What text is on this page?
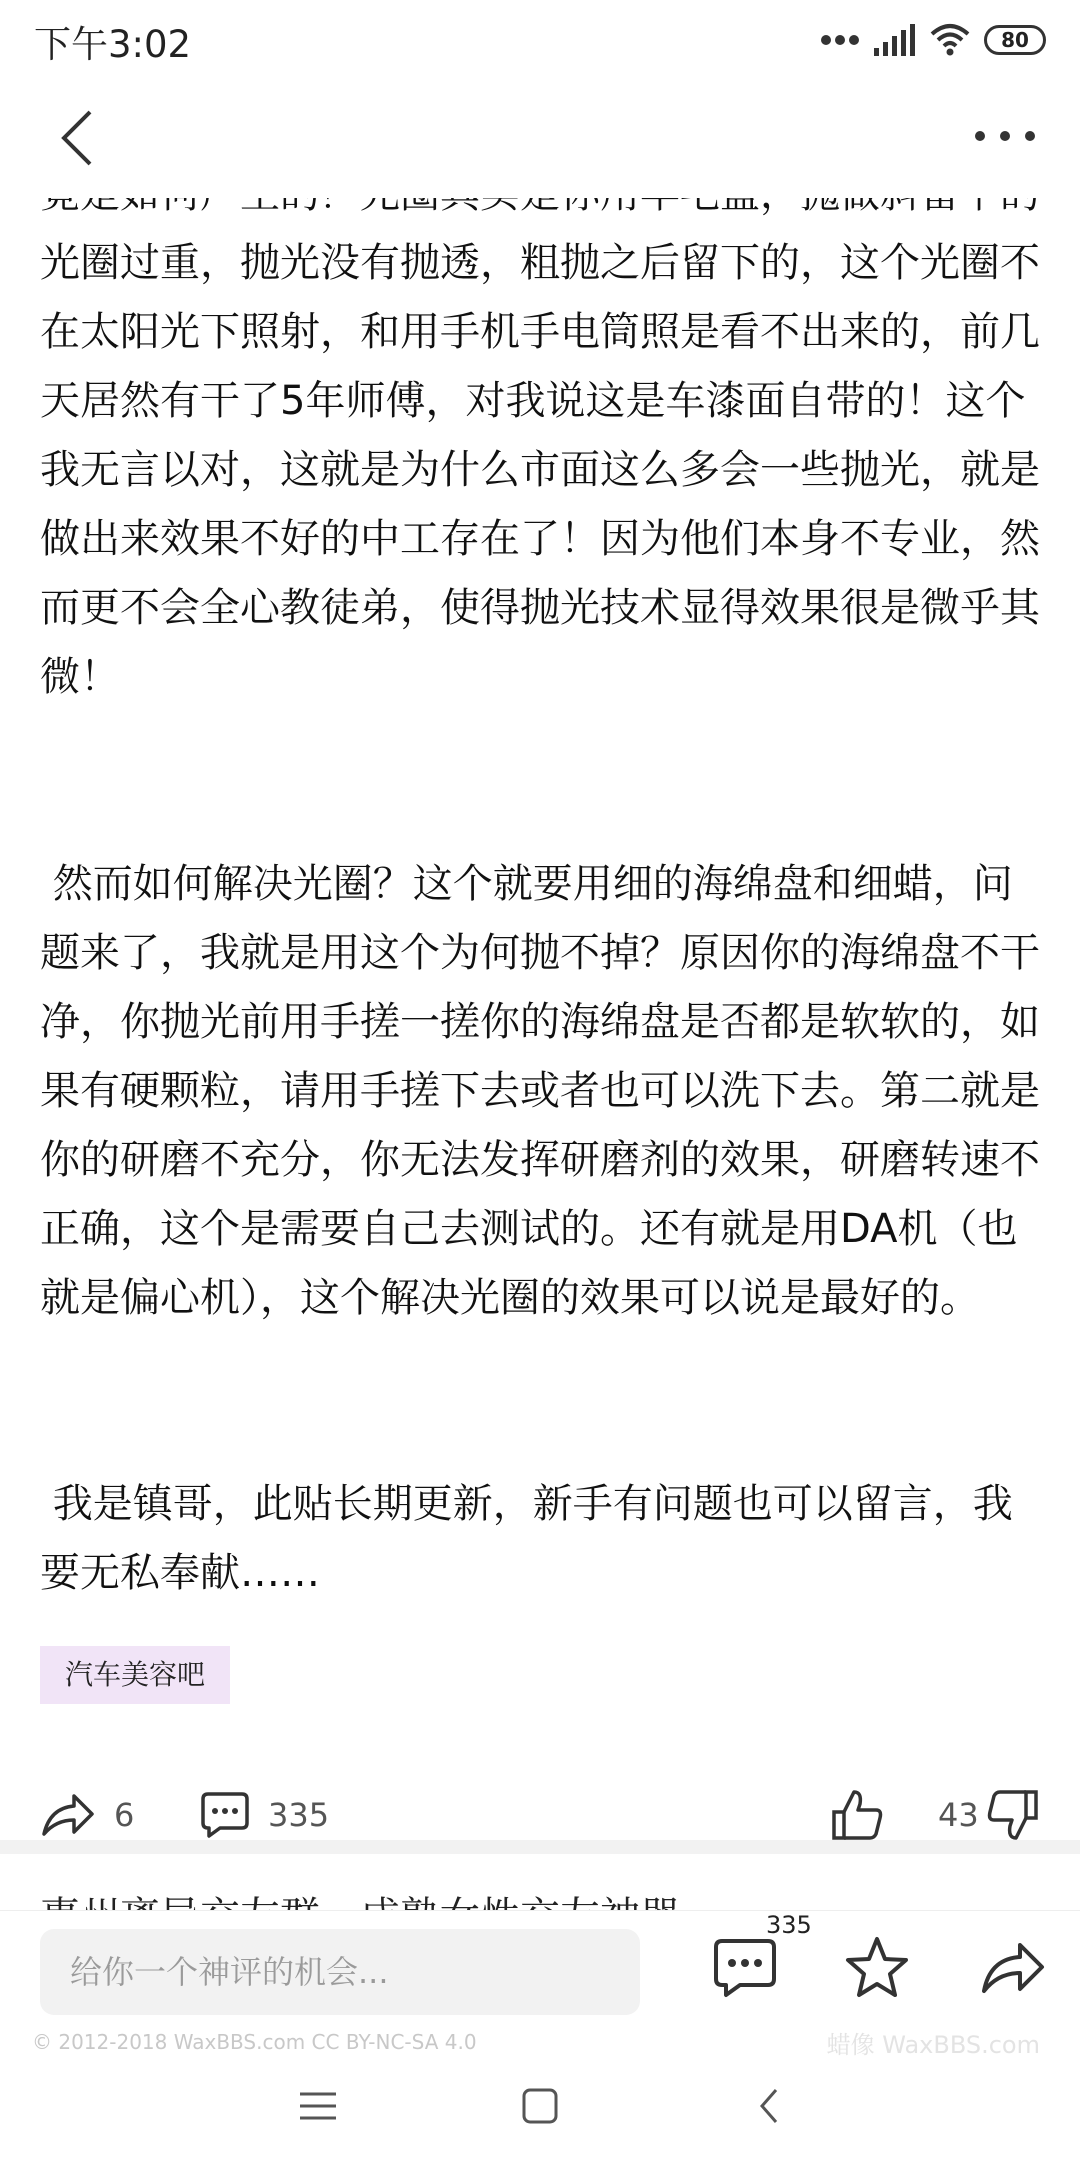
下午3:02	80

光圈过重，抛光没有抛透，粗抛之后留下的，这个光圈不在太阳光下照射，和用手机手电筒照是看不出来的，前几天居然有干了5年师傅，对我说这是车漆面自带的！这个我无言以对，这就是为什么市面这么多会一些抛光，就是做出来效果不好的中工存在了！因为他们本身不专业，然而更不会全心教徒弟，使得抛光技术显得效果很是微乎其微！

然而如何解决光圈？这个就要用细的海绵盘和细蜡，问题来了，我就是用这个为何抛不掉？原因你的海绵盘不干净，你抛光前用手搓一搓你的海绵盘是否都是软软的，如果有硬颗粒，请用手搓下去或者也可以洗下去。第二就是你的研磨不充分，你无法发挥研磨剂的效果，研磨转速不正确，这个是需要自己去测试的。还有就是用DA机（也就是偏心机），这个解决光圈的效果可以说是最好的。

我是镇哥，此贴长期更新，新手有问题也可以留言，我要无私奉献……

汽车美容吧
6	335	43
给你一个神评的机会...
335
© 2012-2018 WaxBBS.com CC BY-NC-SA 4.0	蜡像 WaxBBS.com
